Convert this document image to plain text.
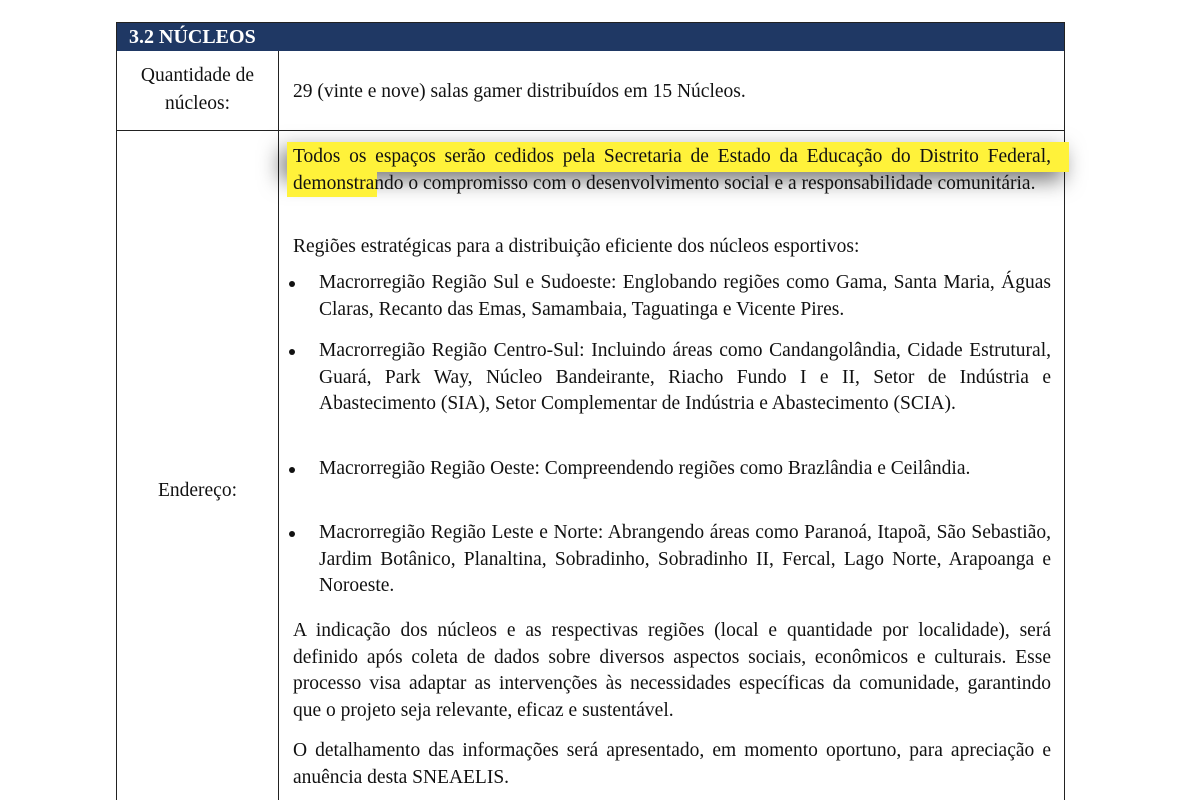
3.2 NÚCLEOS
Quantidade de núcleos:
29 (vinte e nove) salas gamer distribuídos em 15 Núcleos.
Endereço:

Todos os espaços serão cedidos pela Secretaria de Estado da Educação do Distrito Federal, demonstrando o compromisso com o desenvolvimento social e a responsabilidade comunitária.

Regiões estratégicas para a distribuição eficiente dos núcleos esportivos:

Macrorregião Região Sul e Sudoeste: Englobando regiões como Gama, Santa Maria, Águas Claras, Recanto das Emas, Samambaia, Taguatinga e Vicente Pires.
Macrorregião Região Centro-Sul: Incluindo áreas como Candangolândia, Cidade Estrutural, Guará, Park Way, Núcleo Bandeirante, Riacho Fundo I e II, Setor de Indústria e Abastecimento (SIA), Setor Complementar de Indústria e Abastecimento (SCIA).
Macrorregião Região Oeste: Compreendendo regiões como Brazlândia e Ceilândia.
Macrorregião Região Leste e Norte: Abrangendo áreas como Paranoá, Itapoã, São Sebastião, Jardim Botânico, Planaltina, Sobradinho, Sobradinho II, Fercal, Lago Norte, Arapoanga e Noroeste.

A indicação dos núcleos e as respectivas regiões (local e quantidade por localidade), será definido após coleta de dados sobre diversos aspectos sociais, econômicos e culturais. Esse processo visa adaptar as intervenções às necessidades específicas da comunidade, garantindo que o projeto seja relevante, eficaz e sustentável.

O detalhamento das informações será apresentado, em momento oportuno, para apreciação e anuência desta SNEAELIS.
